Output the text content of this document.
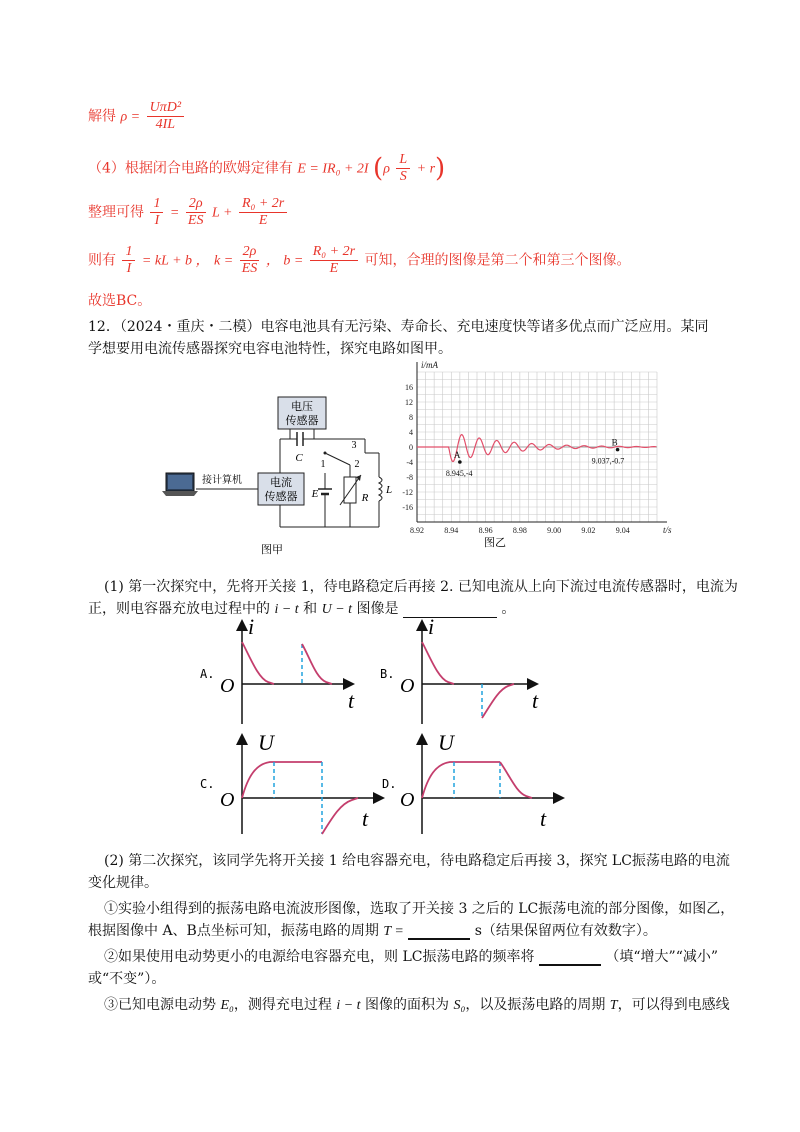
解得 $\rho = \frac{\text{UπD²}}{4IL}$
（4）根据闭合电路的欧姆定律有 E = IR₀ + 2I $(\rho \frac{L}{S} + r)$
整理可得 $\frac{1}{I} = \frac{2\rho}{ES}$ $L + \frac{\text{R₀ + 2r}}{E}$
则有 $\frac{1}{I}$ = kL + b ， $k = \frac{2\rho}{ES}$ ， $b = \frac{\text{R₀ + 2r}}{E}$ 可知，合理的图像是第二个和第三个图像。
故选BC。
12．（2024・重庆・二模）电容电池具有无污染、寿命长、充电速度快等诸多优点而广泛应用。某同
学想要用电流传感器探究电容电池特性，探究电路如图甲。
电压
传感器
C
3
1	2
E	R
L
电流
传感器
接计算机
图甲
16
12
8
4
0
-4
-8
-12
-16
8.92	8.94	8.96	8.98	9.00	9.02	9.04
i/mA
t/s
A
8.945,-4
B
9.037,-0.7
图乙
(1) 第一次探究中，先将开关接 1，待电路稳定后再接 2. 已知电流从上向下流过电流传感器时，电流为
正，则电容器充放电过程中的 i − t 和 U − t 图像是	。
A.
i
O
t
B.
i
O
t
C.
U
O
t
D.
U
O
t
(2) 第二次探究，该同学先将开关接 1 给电容器充电，待电路稳定后再接 3，探究 LC振荡电路的电流
变化规律。
①实验小组得到的振荡电路电流波形图像，选取了开关接 3 之后的 LC振荡电流的部分图像，如图乙，
根据图像中 A、B点坐标可知，振荡电路的周期 T =	s（结果保留两位有效数字）。
②如果使用电动势更小的电源给电容器充电，则 LC振荡电路的频率将	（填“增大”“减小”
或“不变”）。
③已知电源电动势 E₀，测得充电过程 i − t 图像的面积为 S₀，以及振荡电路的周期 T，可以得到电感线
